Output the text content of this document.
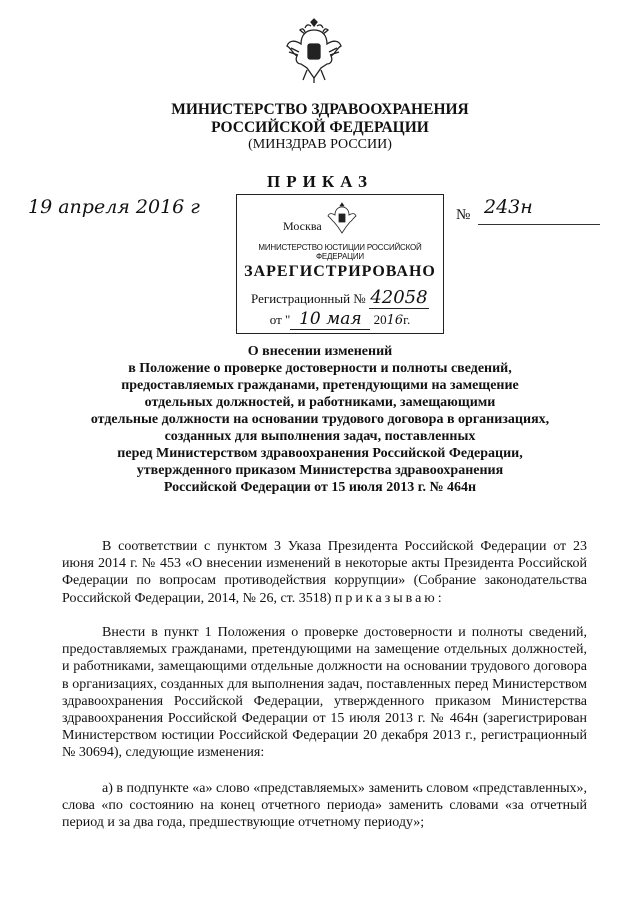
МИНИСТЕРСТВО ЗДРАВООХРАНЕНИЯ
РОССИЙСКОЙ ФЕДЕРАЦИИ
(МИНЗДРАВ РОССИИ)
ПРИКАЗ
19 апреля 2016 г	№ 243н
Москва
МИНИСТЕРСТВО ЮСТИЦИИ РОССИЙСКОЙ ФЕДЕРАЦИИ
ЗАРЕГИСТРИРОВАНО
Регистрационный № 42058
от " 10 мая 2016г.
О внесении изменений
в Положение о проверке достоверности и полноты сведений,
предоставляемых гражданами, претендующими на замещение
отдельных должностей, и работниками, замещающими
отдельные должности на основании трудового договора в организациях,
созданных для выполнения задач, поставленных
перед Министерством здравоохранения Российской Федерации,
утвержденного приказом Министерства здравоохранения
Российской Федерации от 15 июля 2013 г. № 464н
В соответствии с пунктом 3 Указа Президента Российской Федерации от 23 июня 2014 г. № 453 «О внесении изменений в некоторые акты Президента Российской Федерации по вопросам противодействия коррупции» (Собрание законодательства Российской Федерации, 2014, № 26, ст. 3518) приказываю:
Внести в пункт 1 Положения о проверке достоверности и полноты сведений, предоставляемых гражданами, претендующими на замещение отдельных должностей, и работниками, замещающими отдельные должности на основании трудового договора в организациях, созданных для выполнения задач, поставленных перед Министерством здравоохранения Российской Федерации, утвержденного приказом Министерства здравоохранения Российской Федерации от 15 июля 2013 г. № 464н (зарегистрирован Министерством юстиции Российской Федерации 20 декабря 2013 г., регистрационный № 30694), следующие изменения:
а) в подпункте «а» слово «представляемых» заменить словом «представленных», слова «по состоянию на конец отчетного периода» заменить словами «за отчетный период и за два года, предшествующие отчетному периоду»;
